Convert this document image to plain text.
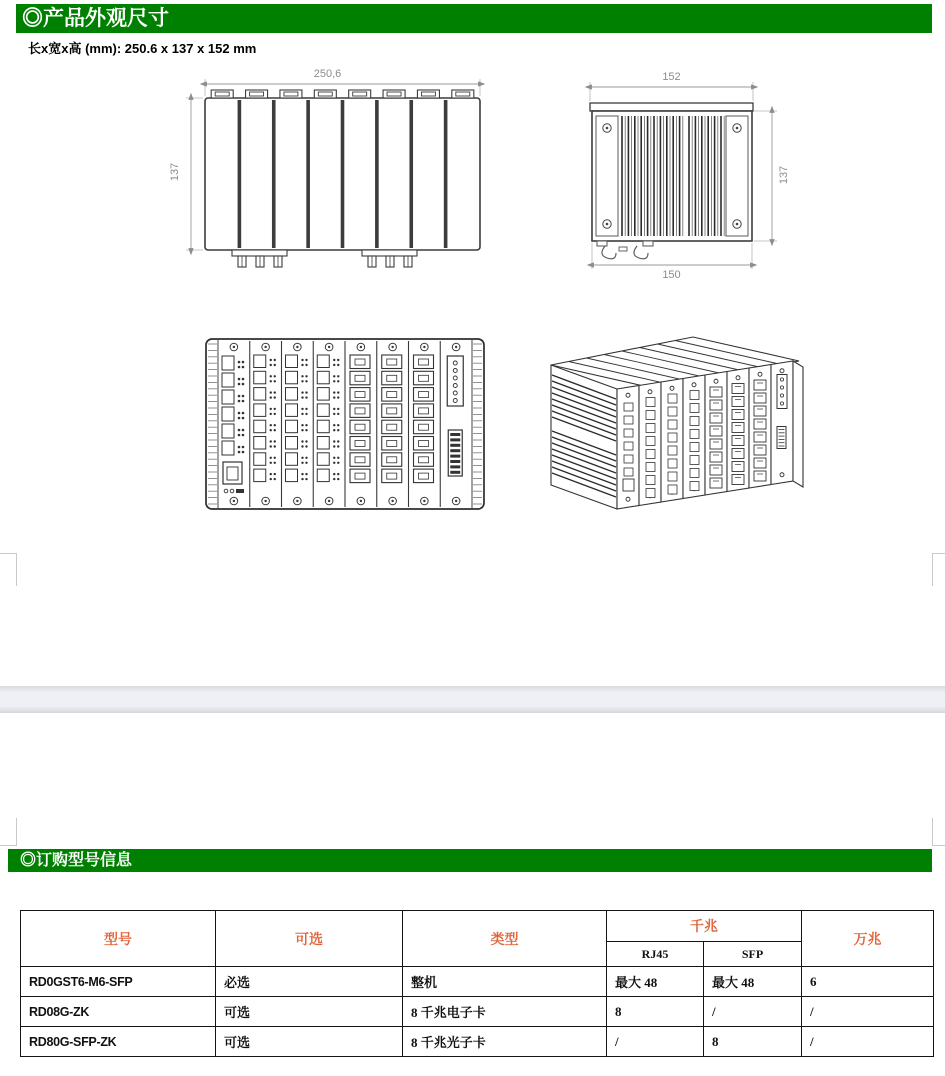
◎产品外观尺寸
长x宽x高 (mm): 250.6 x 137 x 152 mm
250,6
137
152
137
150
◎订购型号信息
型号	可选	类型	千兆		万兆
			RJ45	SFP	
RD0GST6-M6-SFP	必选	整机	最大 48	最大 48	6
RD08G-ZK	可选	8 千兆电子卡	8	/	/
RD80G-SFP-ZK	可选	8 千兆光子卡	/	8	/
